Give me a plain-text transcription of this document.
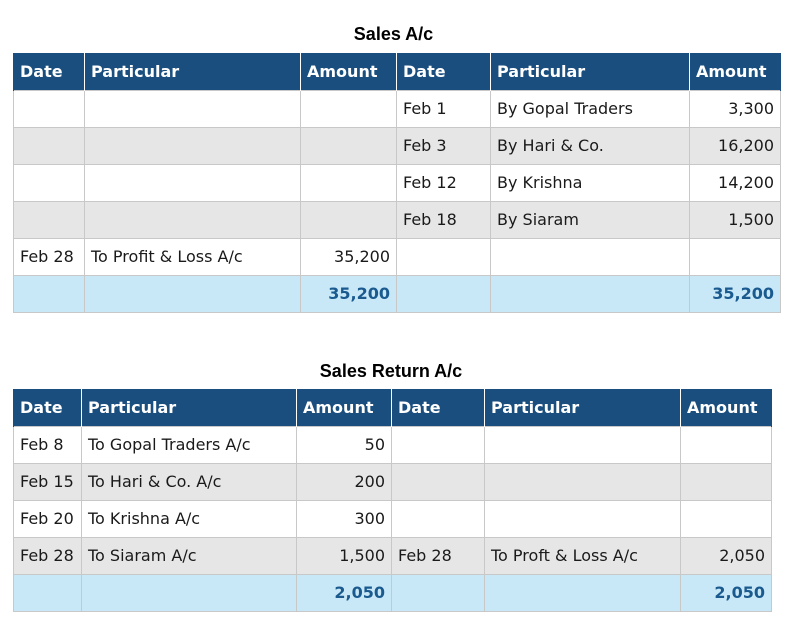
Sales A/c
Date	Particular	Amount	Date	Particular	Amount
			Feb 1	By Gopal Traders	3,300
			Feb 3	By Hari & Co.	16,200
			Feb 12	By Krishna	14,200
			Feb 18	By Siaram	1,500
Feb 28	To Profit & Loss A/c	35,200			
		35,200			35,200
Sales Return A/c
Date	Particular	Amount	Date	Particular	Amount
Feb 8	To Gopal Traders A/c	50			
Feb 15	To Hari & Co. A/c	200			
Feb 20	To Krishna A/c	300			
Feb 28	To Siaram A/c	1,500	Feb 28	To Proft & Loss A/c	2,050
		2,050			2,050
